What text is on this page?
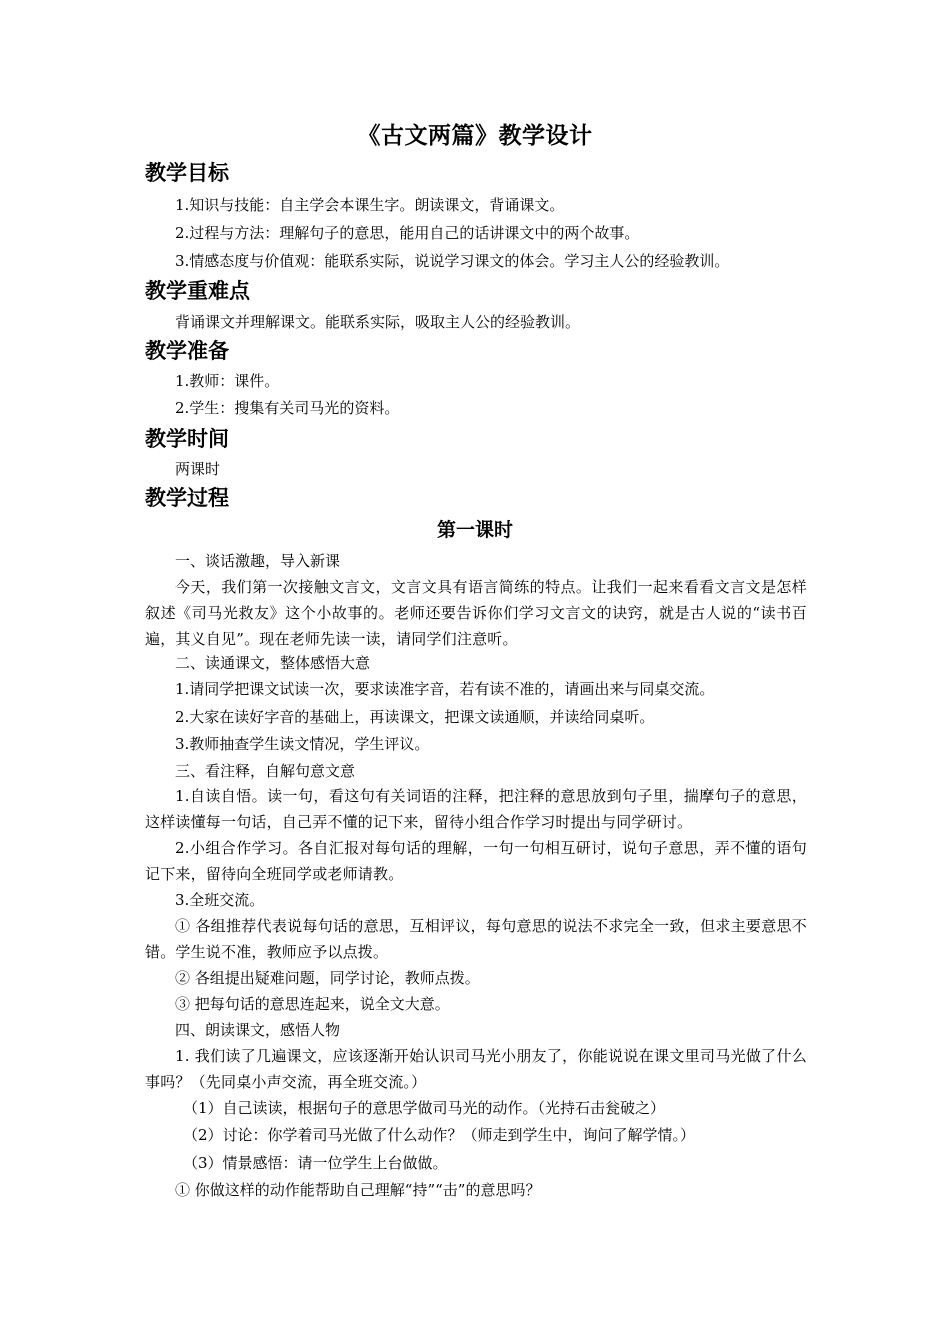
《古文两篇》教学设计
教学目标
1.知识与技能：自主学会本课生字。朗读课文，背诵课文。
2.过程与方法：理解句子的意思，能用自己的话讲课文中的两个故事。
3.情感态度与价值观：能联系实际，说说学习课文的体会。学习主人公的经验教训。
教学重难点
背诵课文并理解课文。能联系实际，吸取主人公的经验教训。
教学准备
1.教师：课件。
2.学生：搜集有关司马光的资料。
教学时间
两课时
教学过程
第一课时
一、谈话激趣，导入新课
今天，我们第一次接触文言文，文言文具有语言简练的特点。让我们一起来看看文言文是怎样叙述《司马光救友》这个小故事的。老师还要告诉你们学习文言文的诀窍，就是古人说的“读书百遍，其义自见”。现在老师先读一读，请同学们注意听。
二、读通课文，整体感悟大意
1.请同学把课文试读一次，要求读准字音，若有读不准的，请画出来与同桌交流。
2.大家在读好字音的基础上，再读课文，把课文读通顺，并读给同桌听。
3.教师抽查学生读文情况，学生评议。
三、看注释，自解句意文意
1.自读自悟。读一句，看这句有关词语的注释，把注释的意思放到句子里，揣摩句子的意思，这样读懂每一句话，自己弄不懂的记下来，留待小组合作学习时提出与同学研讨。
2.小组合作学习。各自汇报对每句话的理解，一句一句相互研讨，说句子意思，弄不懂的语句记下来，留待向全班同学或老师请教。
3.全班交流。
① 各组推荐代表说每句话的意思，互相评议，每句意思的说法不求完全一致，但求主要意思不错。学生说不准，教师应予以点拨。
② 各组提出疑难问题，同学讨论，教师点拨。
③ 把每句话的意思连起来，说全文大意。
四、朗读课文，感悟人物
1. 我们读了几遍课文，应该逐渐开始认识司马光小朋友了，你能说说在课文里司马光做了什么事吗？（先同桌小声交流，再全班交流。）
（1）自己读读，根据句子的意思学做司马光的动作。（光持石击瓮破之）
（2）讨论：你学着司马光做了什么动作？（师走到学生中，询问了解学情。）
（3）情景感悟：请一位学生上台做做。
① 你做这样的动作能帮助自己理解“持”“击”的意思吗？
